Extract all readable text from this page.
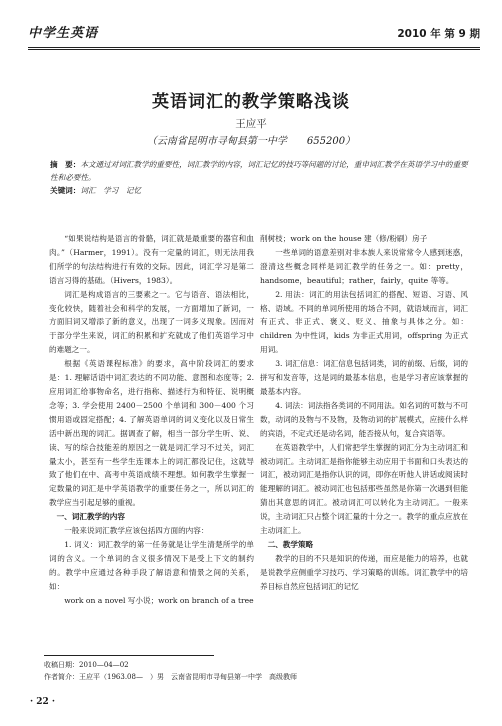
中学生英语	2010 年 第 9 期
英语词汇的教学策略浅谈
王应平
（云南省昆明市寻甸县第一中学　　655200）
摘　要：本文通过对词汇教学的重要性，词汇教学的内容，词汇记忆的技巧等问题的讨论，重申词汇教学在英语学习中的重要性和必要性。
关键词：词汇　学习　记忆

“如果说结构是语言的骨骼，词汇就是最重要的器官和血肉。”（Harmer，1991）。没有一定量的词汇，则无法用我们所学的句法结构进行有效的交际。因此，词汇学习是第二语言习得的基础。（Hivers，1983）。

词汇是构成语言的三要素之一。它与语音、语法相比，变化较快，随着社会和科学的发展，一方面增加了新词，一方面旧词又增添了新的意义，出现了一词多义现象。因而对于部分学生来说，词汇的积累和扩充就成了他们英语学习中的难题之一。

根据《英语课程标准》的要求，高中阶段词汇的要求是：1. 理解话语中词汇表达的不同功能、意图和态度等；2. 应用词汇给事物命名，进行指称、描述行为和特征、说明概念等；3. 学会使用 2400－2500 个单词和 300－400 个习惯用语或固定搭配；4. 了解英语单词的词义变化以及日常生活中新出现的词汇。据调查了解，相当一部分学生听、说、读、写的综合技能差的原因之一就是词汇学习不过关，词汇量太小，甚至有一些学生连课本上的词汇都没记住，这就导致了他们在中、高考中英语成绩不理想。如何教学生掌握一定数量的词汇是中学英语教学的重要任务之一，所以词汇的教学应当引起足够的重视。

一、词汇教学的内容

一般来说词汇教学应该包括四方面的内容：

1. 词义：词汇教学的第一任务就是让学生清楚所学的单词的含义。一个单词的含义很多情况下是受上下文的制约的。教学中应通过各种手段了解语意和情景之间的关系，如：

work on a novel 写小说；work on branch of a tree

削树枝；work on the house 建（修/粉刷）房子

一些单词的语意差别对非本族人来说常常令人感到迷惑，澄清这些概念同样是词汇教学的任务之一。如：pretty，handsome，beautiful；rather，fairly，quite 等等。

2. 用法：词汇的用法包括词汇的搭配、短语、习语、风格、语域。不同的单词所使用的场合不同，就语域而言，词汇有正式、非正式、褒义、贬义、抽象与具体之分。如：children 为中性词，kids 为非正式用词，offspring 为正式用词。

3. 词汇信息：词汇信息包括词类，词的前缀、后缀，词的拼写和发音等，这是词的最基本信息，也是学习者应该掌握的最基本内容。

4. 词法：词法指各类词的不同用法。如名词的可数与不可数，动词的及物与不及物，及物动词的扩展模式，应接什么样的宾语，不定式还是动名词，能否接从句，复合宾语等。

在英语教学中，人们常把学生掌握的词汇分为主动词汇和被动词汇。主动词汇是指你能够主动应用于书面和口头表达的词汇，被动词汇是指你认识的词，即你在听他人讲话或阅读时能理解的词汇。被动词汇也包括那些虽然是你第一次遇到但能猜出其意思的词汇。被动词汇可以转化为主动词汇。一般来说，主动词汇只占整个词汇量的十分之一。教学的重点应放在主动词汇上。

二、教学策略

教学的目的不只是知识的传递，而应是能力的培养，也就是说教学应侧重学习技巧、学习策略的训练。词汇教学中的培养目标自然应包括词汇的记忆

收稿日期：2010—04—02
作者简介：王应平（1963.08—　）男　云南省昆明市寻甸县第一中学　高级教师
· 22 ·
